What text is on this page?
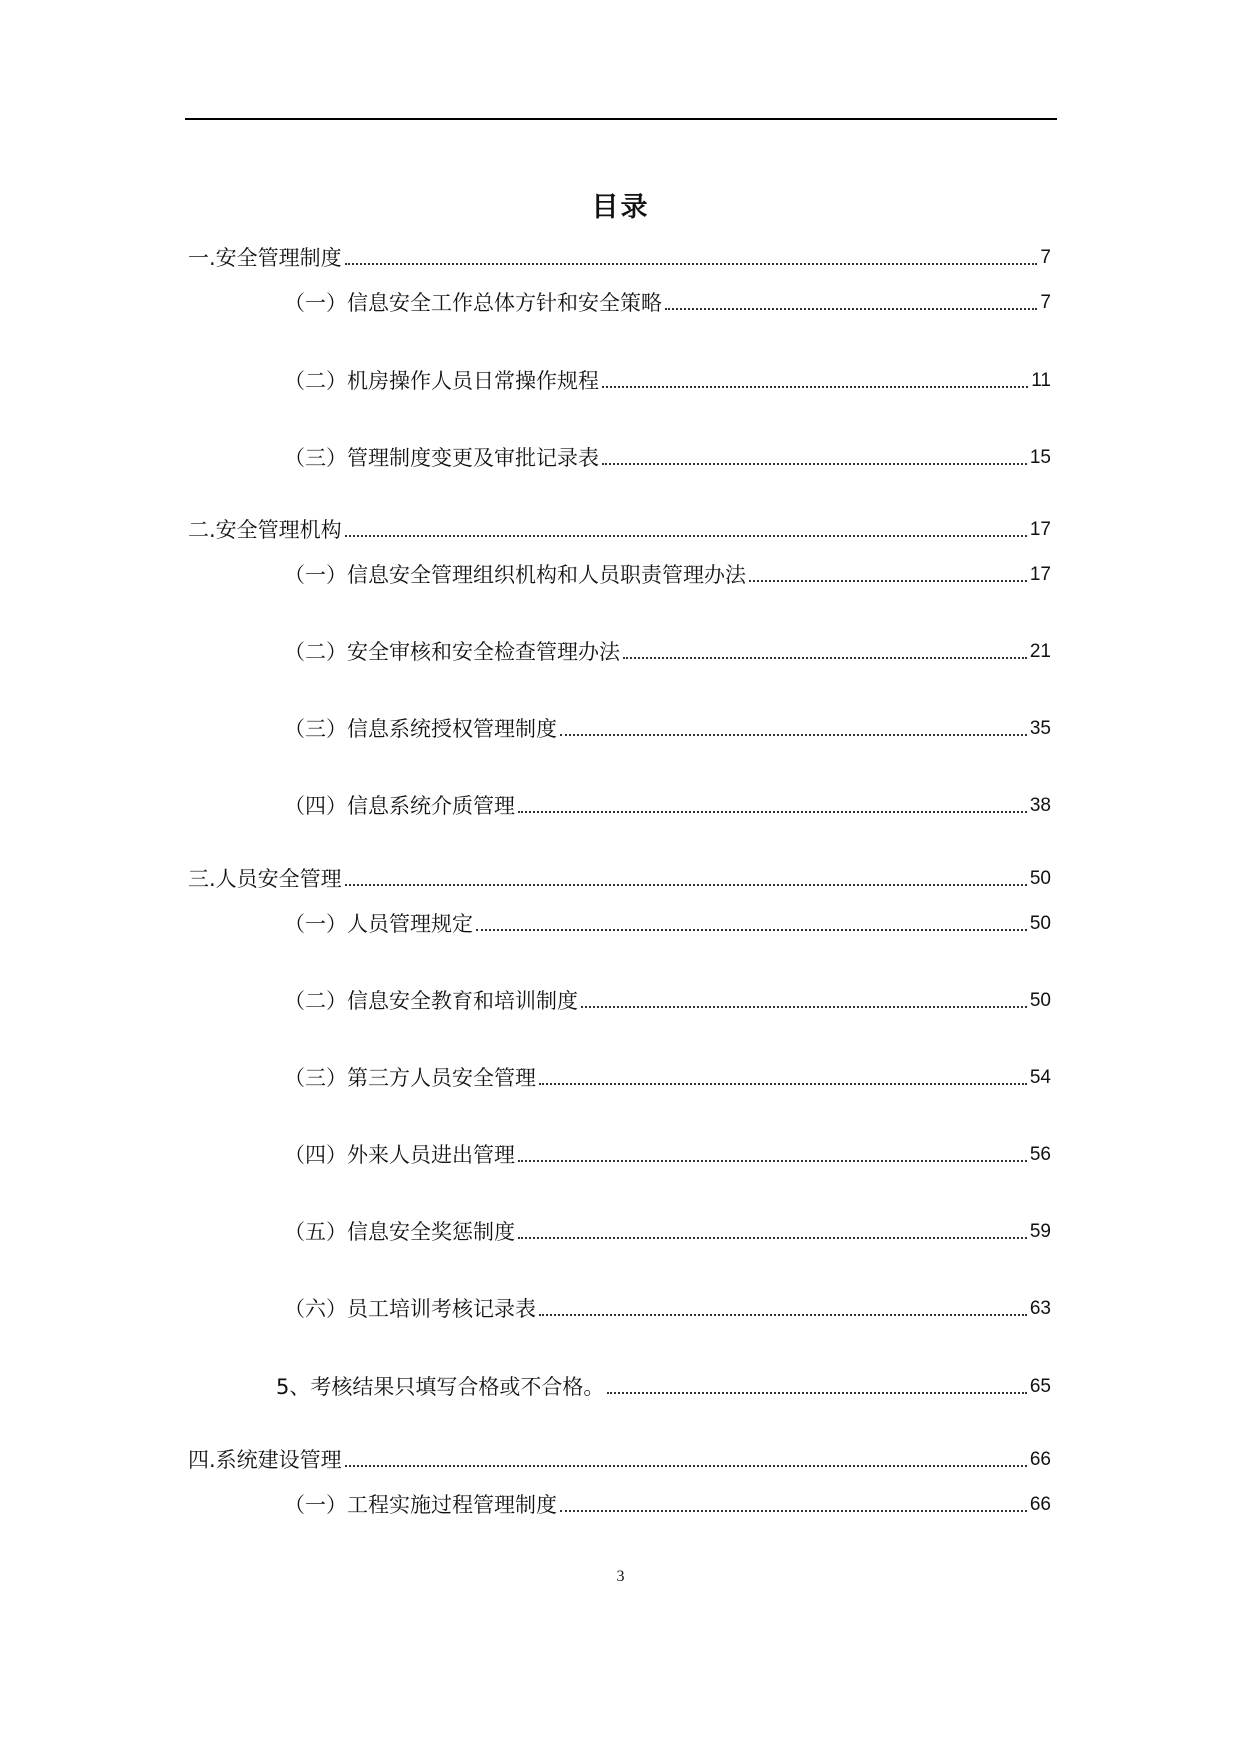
目录
一.安全管理制度	7
（一）信息安全工作总体方针和安全策略	7
（二）机房操作人员日常操作规程	11
（三）管理制度变更及审批记录表	15
二.安全管理机构	17
（一）信息安全管理组织机构和人员职责管理办法	17
（二）安全审核和安全检查管理办法	21
（三）信息系统授权管理制度	35
（四）信息系统介质管理	38
三.人员安全管理	50
（一）人员管理规定	50
（二）信息安全教育和培训制度	50
（三）第三方人员安全管理	54
（四）外来人员进出管理	56
（五）信息安全奖惩制度	59
（六）员工培训考核记录表	63
5、考核结果只填写合格或不合格。	65
四.系统建设管理	66
（一）工程实施过程管理制度	66
3
